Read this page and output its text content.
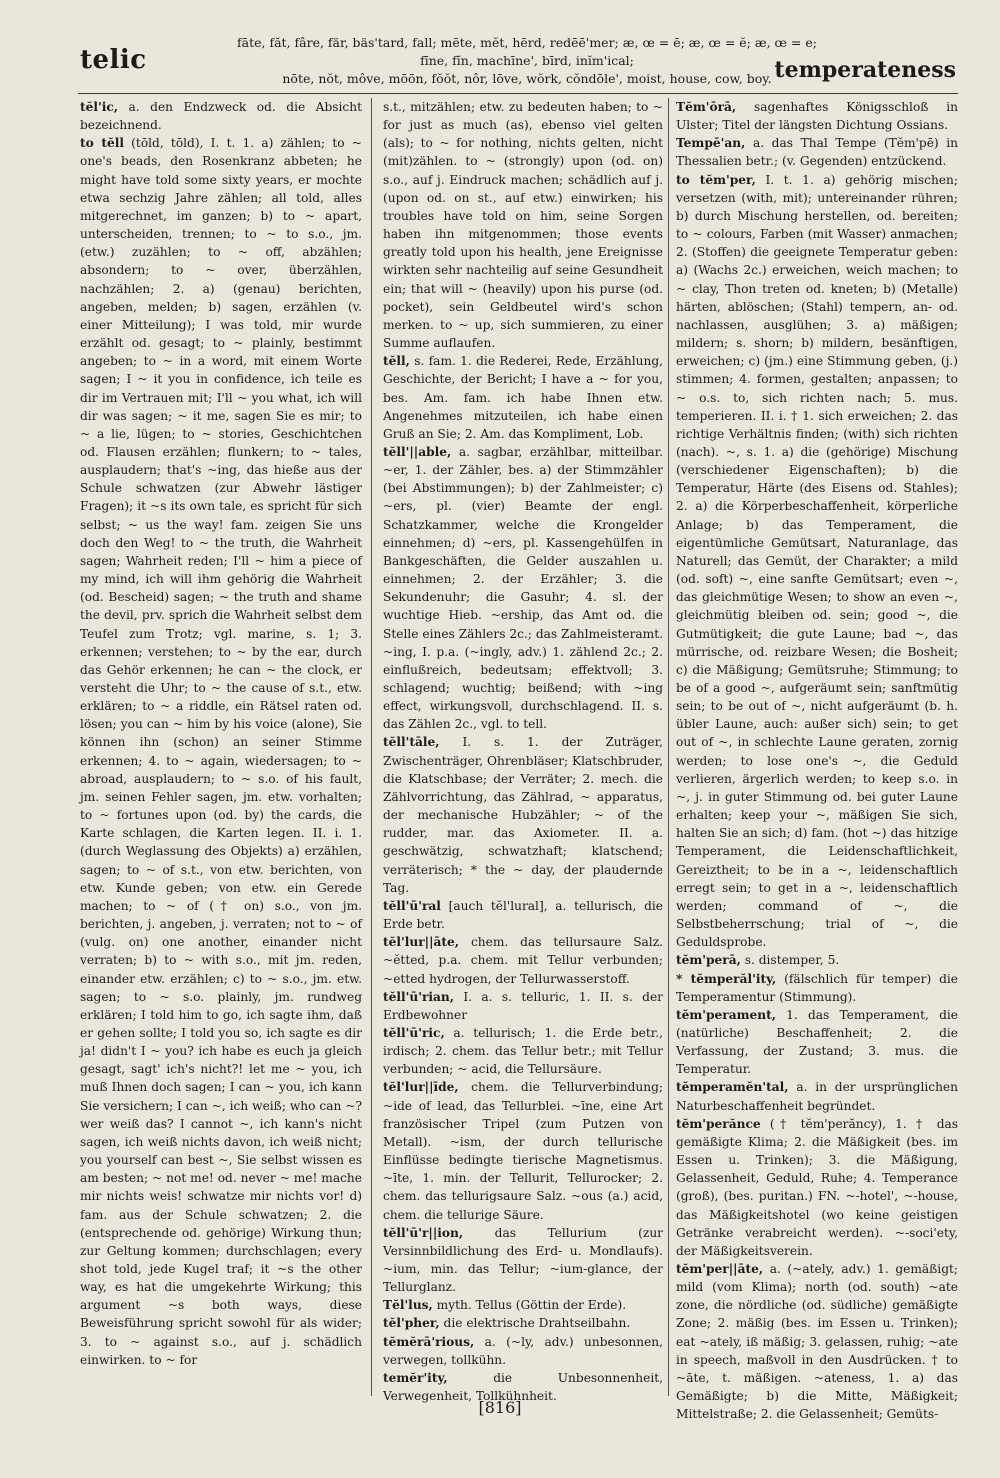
telic
fāte, făt, fâre, fär, bäs'tard, fall; mēte, mĕt, hērd, redēē'mer; æ, œ = ē; æ, œ = ĕ; æ, œ = e;
fīne, fĭn, machīne', bīrd, inĭm'ical;
nōte, nŏt, môve, mōōn, fŏŏt, nôr, lōve, wŏrk, cŏndōle', moist, house, cow, boy. temperateness

tĕl'ic, a. den Endzweck od. die Absicht bezeichnend.

to tĕll (tōld, tōld), I. t. 1. a) zählen; to ~ one's beads, den Rosenkranz abbeten; he might have told some sixty years, er mochte etwa sechzig Jahre zählen; all told, alles mitgerechnet, im ganzen; b) to ~ apart, unterscheiden, trennen; to ~ to s.o., jm. (etw.) zuzählen; to ~ off, abzählen; absondern; to ~ over, überzählen, nachzählen; 2. a) (genau) berichten, angeben, melden; b) sagen, erzählen (v. einer Mitteilung); I was told, mir wurde erzählt od. gesagt; to ~ plainly, bestimmt angeben; to ~ in a word, mit einem Worte sagen; I ~ it you in confidence, ich teile es dir im Vertrauen mit; I'll ~ you what, ich will dir was sagen; ~ it me, sagen Sie es mir; to ~ a lie, lügen; to ~ stories, Geschichtchen od. Flausen erzählen; flunkern; to ~ tales, ausplaudern; that's ~ing, das hieße aus der Schule schwatzen (zur Abwehr lästiger Fragen); it ~s its own tale, es spricht für sich selbst; ~ us the way! fam. zeigen Sie uns doch den Weg! to ~ the truth, die Wahrheit sagen; Wahrheit reden; I'll ~ him a piece of my mind, ich will ihm gehörig die Wahrheit (od. Bescheid) sagen; ~ the truth and shame the devil, prv. sprich die Wahrheit selbst dem Teufel zum Trotz; vgl. marine, s. 1; 3. erkennen; verstehen; to ~ by the ear, durch das Gehör erkennen; he can ~ the clock, er versteht die Uhr; to ~ the cause of s.t., etw. erklären; to ~ a riddle, ein Rätsel raten od. lösen; you can ~ him by his voice (alone), Sie können ihn (schon) an seiner Stimme erkennen; 4. to ~ again, wiedersagen; to ~ abroad, ausplaudern; to ~ s.o. of his fault, jm. seinen Fehler sagen, jm. etw. vorhalten; to ~ fortunes upon (od. by) the cards, die Karte schlagen, die Karten legen. II. i. 1. (durch Weglassung des Objekts) a) erzählen, sagen; to ~ of s.t., von etw. berichten, von etw. Kunde geben; von etw. ein Gerede machen; to ~ of († on) s.o., von jm. berichten, j. angeben, j. verraten; not to ~ of (vulg. on) one another, einander nicht verraten; b) to ~ with s.o., mit jm. reden, einander etw. erzählen; c) to ~ s.o., jm. etw. sagen; to ~ s.o. plainly, jm. rundweg erklären; I told him to go, ich sagte ihm, daß er gehen sollte; I told you so, ich sagte es dir ja! didn't I ~ you? ich habe es euch ja gleich gesagt, sagt' ich's nicht?! let me ~ you, ich muß Ihnen doch sagen; I can ~ you, ich kann Sie versichern; I can ~, ich weiß; who can ~? wer weiß das? I cannot ~, ich kann's nicht sagen, ich weiß nichts davon, ich weiß nicht; you yourself can best ~, Sie selbst wissen es am besten; ~ not me! od. never ~ me! mache mir nichts weis! schwatze mir nichts vor! d) fam. aus der Schule schwatzen; 2. die (entsprechende od. gehörige) Wirkung thun; zur Geltung kommen; durchschlagen; every shot told, jede Kugel traf; it ~s the other way, es hat die umgekehrte Wirkung; this argument ~s both ways, diese Beweisführung spricht sowohl für als wider; 3. to ~ against s.o., auf j. schädlich einwirken. to ~ for

s.t., mitzählen; etw. zu bedeuten haben; to ~ for just as much (as), ebenso viel gelten (als); to ~ for nothing, nichts gelten, nicht (mit)zählen. to ~ (strongly) upon (od. on) s.o., auf j. Eindruck machen; schädlich auf j. (upon od. on st., auf etw.) einwirken; his troubles have told on him, seine Sorgen haben ihn mitgenommen; those events greatly told upon his health, jene Ereignisse wirkten sehr nachteilig auf seine Gesundheit ein; that will ~ (heavily) upon his purse (od. pocket), sein Geldbeutel wird's schon merken. to ~ up, sich summieren, zu einer Summe auflaufen.

tĕll, s. fam. 1. die Rederei, Rede, Erzählung, Geschichte, der Bericht; I have a ~ for you, bes. Am. fam. ich habe Ihnen etw. Angenehmes mitzuteilen, ich habe einen Gruß an Sie; 2. Am. das Kompliment, Lob.

tĕll'||able, a. sagbar, erzählbar, mitteilbar. ~er, 1. der Zähler, bes. a) der Stimmzähler (bei Abstimmungen); b) der Zahlmeister; c) ~ers, pl. (vier) Beamte der engl. Schatzkammer, welche die Krongelder einnehmen; d) ~ers, pl. Kassengehülfen in Bankgeschäften, die Gelder auszahlen u. einnehmen; 2. der Erzähler; 3. die Sekundenuhr; die Gasuhr; 4. sl. der wuchtige Hieb. ~ership, das Amt od. die Stelle eines Zählers 2c.; das Zahlmeisteramt. ~ing, I. p.a. (~ingly, adv.) 1. zählend 2c.; 2. einflußreich, bedeutsam; effektvoll; 3. schlagend; wuchtig; beißend; with ~ing effect, wirkungsvoll, durchschlagend. II. s. das Zählen 2c., vgl. to tell.

tĕll'tāle, I. s. 1. der Zuträger, Zwischenträger, Ohrenbläser; Klatschbruder, die Klatschbase; der Verräter; 2. mech. die Zählvorrichtung, das Zählrad, ~ apparatus, der mechanische Hubzähler; ~ of the rudder, mar. das Axiometer. II. a. geschwätzig, schwatzhaft; klatschend; verräterisch; * the ~ day, der plaudernde Tag.

tĕll'ū'ral [auch tĕl'lural], a. tellurisch, die Erde betr.

tĕl'lur||āte, chem. das tellursaure Salz. ~ĕtted, p.a. chem. mit Tellur verbunden; ~etted hydrogen, der Tellurwasserstoff.

tĕll'ū'rian, I. a. s. telluric, 1. II. s. der Erdbewohner

tĕll'ū'ric, a. tellurisch; 1. die Erde betr., irdisch; 2. chem. das Tellur betr.; mit Tellur verbunden; ~ acid, die Tellursäure.

tĕl'lur||īde, chem. die Tellurverbindung; ~ide of lead, das Tellurblei. ~īne, eine Art französischer Tripel (zum Putzen von Metall). ~ism, der durch tellurische Einflüsse bedingte tierische Magnetismus. ~īte, 1. min. der Tellurit, Tellurocker; 2. chem. das tellurigsaure Salz. ~ous (a.) acid, chem. die tellurige Säure.

tĕll'ū'r||ion,	das Tellurium (zur Versinnbildlichung des Erd- u. Mondlaufs). ~ium, min. das Tellur; ~ium-glance, der Tellurglanz.

Tĕl'lus, myth. Tellus (Göttin der Erde).

tĕl'pher, die elektrische Drahtseilbahn.

tĕmĕrā'rious, a. (~ly, adv.) unbesonnen, verwegen, tollkühn.

temĕr'ity,	die Unbesonnenheit, Verwegenheit, Tollkühnheit.

Tĕm'ōrā, sagenhaftes Königsschloß in Ulster; Titel der längsten Dichtung Ossians.

Tempē'an, a. das Thal Tempe (Tĕm'pē) in Thessalien betr.; (v. Gegenden) entzückend.

to tĕm'per, I. t. 1. a) gehörig mischen; versetzen (with, mit); untereinander rühren; b) durch Mischung herstellen, od. bereiten; to ~ colours, Farben (mit Wasser) anmachen; 2. (Stoffen) die geeignete Temperatur geben: a) (Wachs 2c.) erweichen, weich machen; to ~ clay, Thon treten od. kneten; b) (Metalle) härten, ablöschen; (Stahl) tempern, an- od. nachlassen, ausglühen; 3. a) mäßigen; mildern; s. shorn; b) mildern, besänftigen, erweichen; c) (jm.) eine Stimmung geben, (j.) stimmen; 4. formen, gestalten; anpassen; to ~ o.s. to, sich richten nach; 5. mus. temperieren. II. i. † 1. sich erweichen; 2. das richtige Verhältnis finden; (with) sich richten (nach). ~, s. 1. a) die (gehörige) Mischung (verschiedener Eigenschaften); b) die Temperatur, Härte (des Eisens od. Stahles); 2. a) die Körperbeschaffenheit, körperliche Anlage; b) das Temperament, die eigentümliche Gemütsart, Naturanlage, das Naturell; das Gemüt, der Charakter; a mild (od. soft) ~, eine sanfte Gemütsart; even ~, das gleichmütige Wesen; to show an even ~, gleichmütig bleiben od. sein; good ~, die Gutmütigkeit; die gute Laune; bad ~, das mürrische, od. reizbare Wesen; die Bosheit; c) die Mäßigung; Gemütsruhe; Stimmung; to be of a good ~, aufgeräumt sein; sanftmütig sein; to be out of ~, nicht aufgeräumt (b. h. übler Laune, auch: außer sich) sein; to get out of ~, in schlechte Laune geraten, zornig werden; to lose one's ~, die Geduld verlieren, ärgerlich werden; to keep s.o. in ~, j. in guter Stimmung od. bei guter Laune erhalten; keep your ~, mäßigen Sie sich, halten Sie an sich; d) fam. (hot ~) das hitzige Temperament, die Leidenschaftlichkeit, Gereiztheit; to be in a ~, leidenschaftlich erregt sein; to get in a ~, leidenschaftlich werden; command of ~, die Selbstbeherrschung; trial of ~, die Geduldsprobe.

tĕm'perā, s. distemper, 5.

* tĕmperăl'ity, (fälschlich für temper) die Temperamentur (Stimmung).

tĕm'perament, 1. das Temperament, die (natürliche) Beschaffenheit; 2. die Verfassung, der Zustand; 3. mus. die Temperatur.

tĕmperamĕn'tal, a. in der ursprünglichen Naturbeschaffenheit begründet.

tĕm'perănce († tĕm'perăncy), 1. † das gemäßigte Klima; 2. die Mäßigkeit (bes. im Essen u. Trinken); 3. die Mäßigung, Gelassenheit, Geduld, Ruhe; 4. Temperance (groß), (bes. puritan.) FN. ~-hotel', ~-house, das Mäßigkeitshotel (wo keine geistigen Getränke verabreicht werden). ~-soci'ety, der Mäßigkeitsverein.

tĕm'per||āte, a. (~ately, adv.) 1. gemäßigt; mild (vom Klima); north (od. south) ~ate zone, die nördliche (od. südliche) gemäßigte Zone; 2. mäßig (bes. im Essen u. Trinken); eat ~ately, iß mäßig; 3. gelassen, ruhig; ~ate in speech, maßvoll in den Ausdrücken. † to ~āte, t. mäßigen. ~ateness, 1. a) das Gemäßigte; b) die Mitte, Mäßigkeit; Mittelstraße; 2. die Gelassenheit; Gemüts-

[816]
